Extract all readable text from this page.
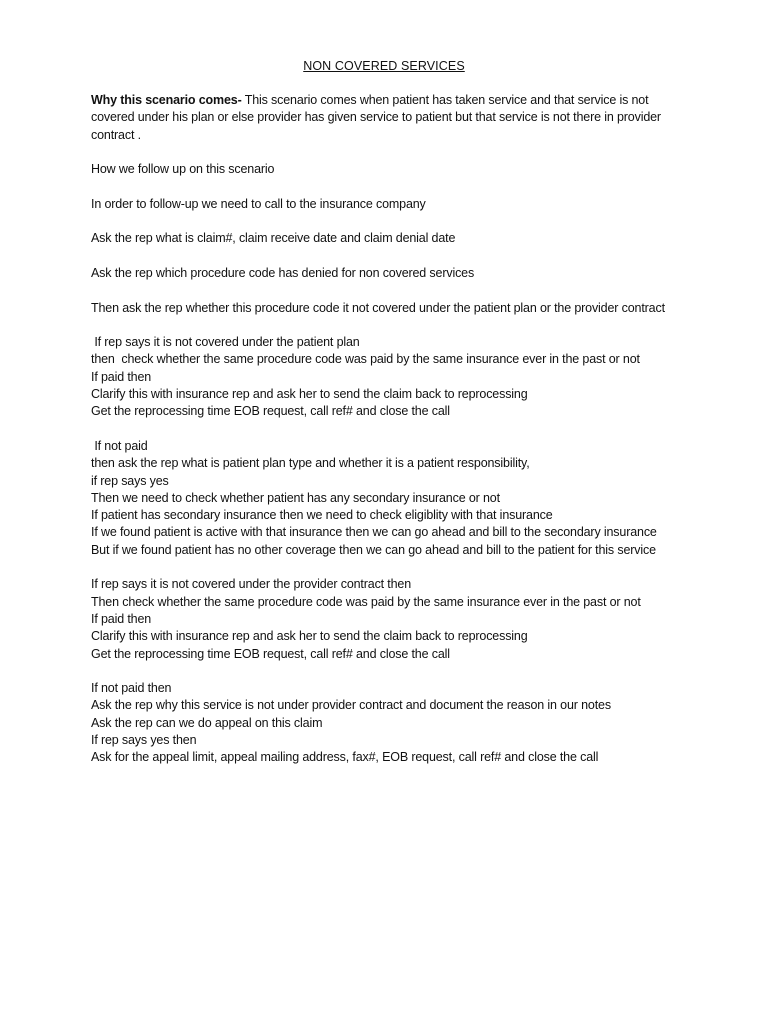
NON COVERED SERVICES

Why this scenario comes- This scenario comes when patient has taken service and that service is not covered under his plan or else provider has given service to patient but that service is not there in provider contract .

How we follow up on this scenario

In order to follow-up we need to call to the insurance company

Ask the rep what is claim#, claim receive date and claim denial date

Ask the rep which procedure code has denied for non covered services

Then ask the rep whether this procedure code it not covered under the patient plan or the provider contract

If rep says it is not covered under the patient plan
then  check whether the same procedure code was paid by the same insurance ever in the past or not
If paid then
Clarify this with insurance rep and ask her to send the claim back to reprocessing
Get the reprocessing time EOB request, call ref# and close the call
If not paid
then ask the rep what is patient plan type and whether it is a patient responsibility,
if rep says yes
Then we need to check whether patient has any secondary insurance or not
If patient has secondary insurance then we need to check eligiblity with that insurance
If we found patient is active with that insurance then we can go ahead and bill to the secondary insurance
But if we found patient has no other coverage then we can go ahead and bill to the patient for this service
If rep says it is not covered under the provider contract then
Then check whether the same procedure code was paid by the same insurance ever in the past or not
If paid then
Clarify this with insurance rep and ask her to send the claim back to reprocessing
Get the reprocessing time EOB request, call ref# and close the call
If not paid then
Ask the rep why this service is not under provider contract and document the reason in our notes
Ask the rep can we do appeal on this claim
If rep says yes then
Ask for the appeal limit, appeal mailing address, fax#, EOB request, call ref# and close the call
